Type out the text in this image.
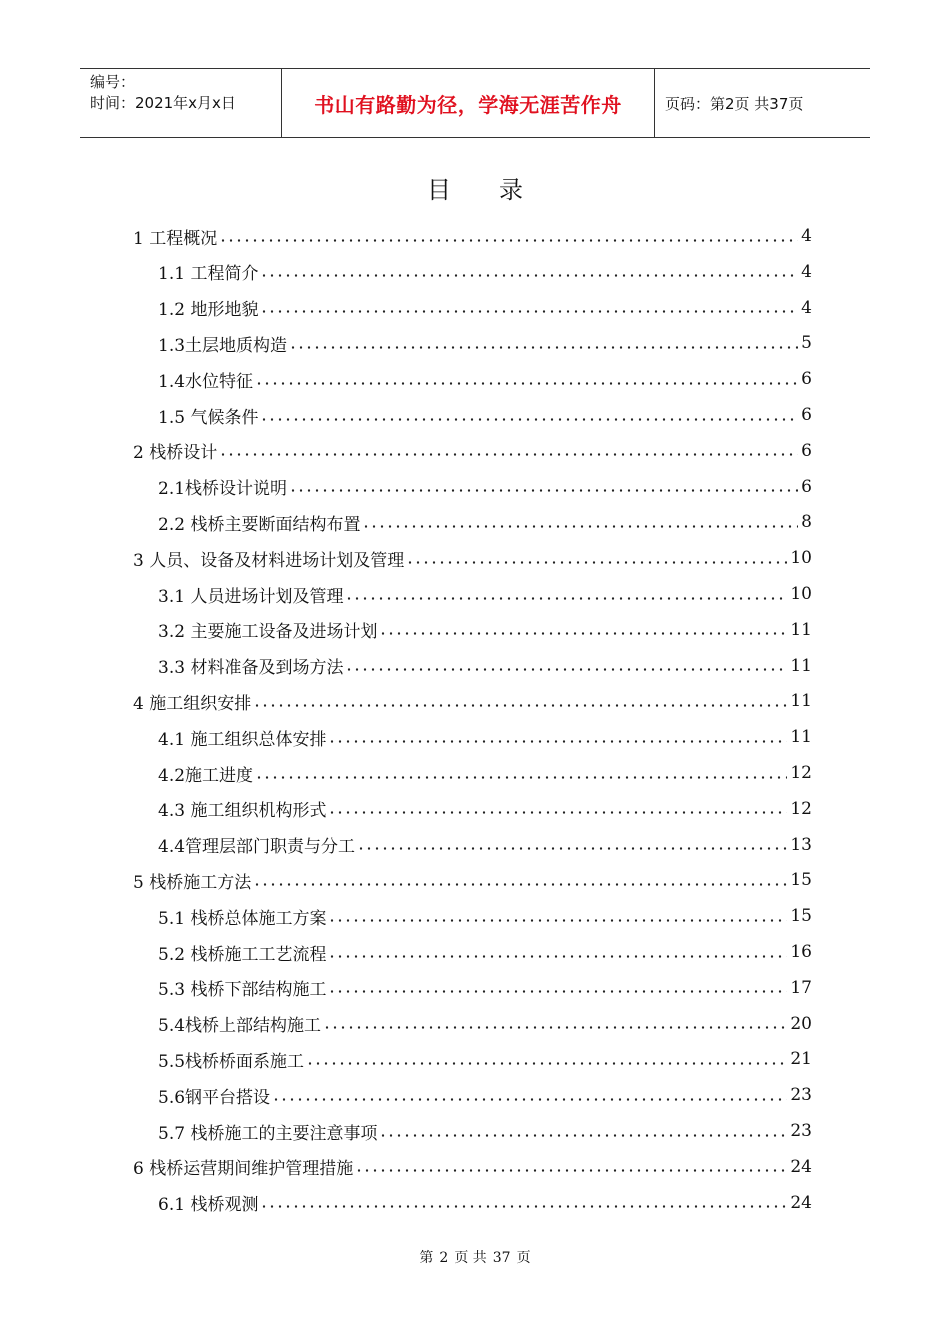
编号：
时间：2021年x月x日	书山有路勤为径，学海无涯苦作舟	页码：第2页 共37页
目录
1 工程概况	4
1.1 工程简介	4
1.2 地形地貌	4
1.3土层地质构造	5
1.4水位特征	6
1.5 气候条件	6
2 栈桥设计	6
2.1栈桥设计说明	6
2.2 栈桥主要断面结构布置	8
3 人员、设备及材料进场计划及管理	10
3.1 人员进场计划及管理	10
3.2 主要施工设备及进场计划	11
3.3 材料准备及到场方法	11
4 施工组织安排	11
4.1 施工组织总体安排	11
4.2施工进度	12
4.3 施工组织机构形式	12
4.4管理层部门职责与分工	13
5 栈桥施工方法	15
5.1 栈桥总体施工方案	15
5.2 栈桥施工工艺流程	16
5.3 栈桥下部结构施工	17
5.4栈桥上部结构施工	20
5.5栈桥桥面系施工	21
5.6钢平台搭设	23
5.7 栈桥施工的主要注意事项	23
6 栈桥运营期间维护管理措施	24
6.1 栈桥观测	24
第 2 页 共 37 页
